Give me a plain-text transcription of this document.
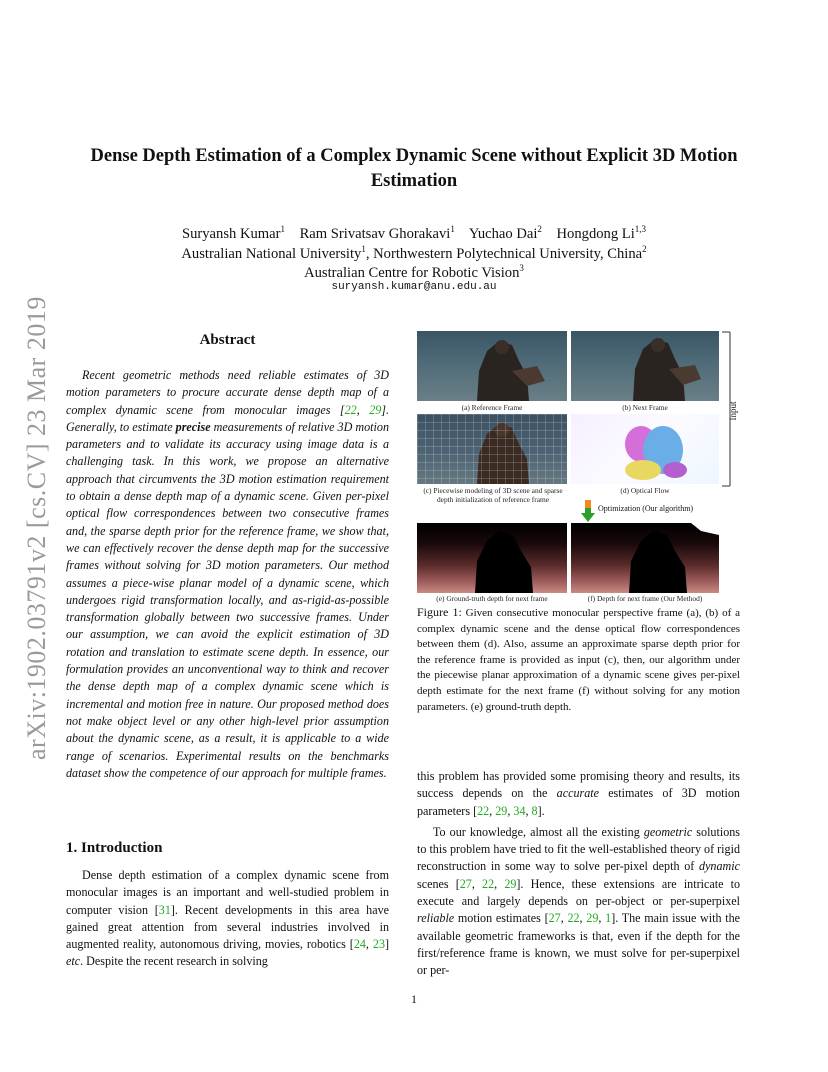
arXiv:1902.03791v2 [cs.CV] 23 Mar 2019
Dense Depth Estimation of a Complex Dynamic Scene without Explicit 3D Motion Estimation
Suryansh Kumar$^1$ Ram Srivatsav Ghorakavi$^1$ Yuchao Dai$^2$ Hongdong Li$^{1,3}$
Australian National University$^1$, Northwestern Polytechnical University, China$^2$
Australian Centre for Robotic Vision$^3$
suryansh.kumar@anu.edu.au
Abstract

Recent geometric methods need reliable estimates of 3D motion parameters to procure accurate dense depth map of a complex dynamic scene from monocular images [22, 29]. Generally, to estimate precise measurements of relative 3D motion parameters and to validate its accuracy using image data is a challenging task. In this work, we propose an alternative approach that circumvents the 3D motion estimation requirement to obtain a dense depth map of a dynamic scene. Given per-pixel optical flow correspondences between two consecutive frames and, the sparse depth prior for the reference frame, we show that, we can effectively recover the dense depth map for the successive frames without solving for 3D motion parameters. Our method assumes a piece-wise planar model of a dynamic scene, which undergoes rigid transformation locally, and as-rigid-as-possible transformation globally between two successive frames. Under our assumption, we can avoid the explicit estimation of 3D rotation and translation to estimate scene depth. In essence, our formulation provides an unconventional way to think and recover the dense depth map of a complex dynamic scene which is incremental and motion free in nature. Our proposed method does not make object level or any other high-level prior assumption about the dynamic scene, as a result, it is applicable to a wide range of scenarios. Experimental results on the benchmarks dataset show the competence of our approach for multiple frames.

1. Introduction

Dense depth estimation of a complex dynamic scene from monocular images is an important and well-studied problem in computer vision [31]. Recent developments in this area have gained great attention from several industries involved in augmented reality, autonomous driving, movies, robotics [24, 23] etc. Despite the recent research in solving

(a) Reference Frame	(b) Next Frame	Input
(c) Piecewise modeling of 3D scene and sparse depth initialization of reference frame
(d) Optical Flow
Optimization (Our algorithm)
(e) Ground-truth depth for next frame	(f) Depth for next frame (Our Method)
Figure 1: Given consecutive monocular perspective frame (a), (b) of a complex dynamic scene and the dense optical flow correspondences between them (d). Also, assume an approximate sparse depth prior for the reference frame is provided as input (c), then, our algorithm under the piecewise planar approximation of a dynamic scene gives per-pixel depth estimate for the next frame (f) without solving for any motion parameters. (e) ground-truth depth.

this problem has provided some promising theory and results, its success depends on the accurate estimates of 3D motion parameters [22, 29, 34, 8].

To our knowledge, almost all the existing geometric solutions to this problem have tried to fit the well-established theory of rigid reconstruction in some way to solve per-pixel depth of dynamic scenes [27, 22, 29]. Hence, these extensions are intricate to execute and largely depends on per-object or per-superpixel reliable motion estimates [27, 22, 29, 1]. The main issue with the available geometric frameworks is that, even if the depth for the first/reference frame is known, we must solve for per-superpixel or per-

1
